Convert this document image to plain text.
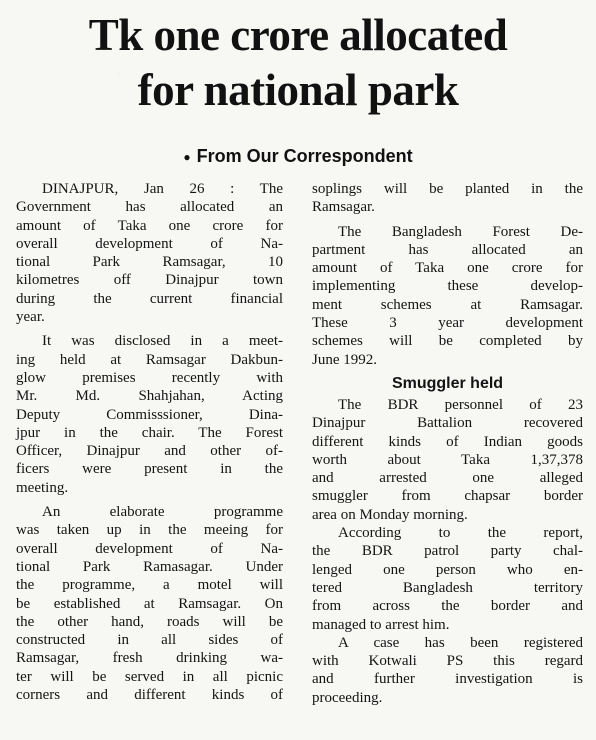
Tk one crore allocated
for national park
● From Our Correspondent
DINAJPUR, Jan 26 : The
Government has allocated an
amount of Taka one crore for
overall development of Na-
tional Park Ramsagar, 10
kilometres off Dinajpur town
during the current financial
year.
It was disclosed in a meet-
ing held at Ramsagar Dakbun-
glow premises recently with
Mr. Md. Shahjahan, Acting
Deputy Commisssioner, Dina-
jpur in the chair. The Forest
Officer, Dinajpur and other of-
ficers were present in the
meeting.
An elaborate programme
was taken up in the meeing for
overall development of Na-
tional Park Ramasagar. Under
the programme, a motel will
be established at Ramsagar. On
the other hand, roads will be
constructed in all sides of
Ramsagar, fresh drinking wa-
ter will be served in all picnic
corners and different kinds of
soplings will be planted in the
Ramsagar.
The Bangladesh Forest De-
partment has allocated an
amount of Taka one crore for
implementing these develop-
ment schemes at Ramsagar.
These 3 year development
schemes will be completed by
June 1992.
Smuggler held
The BDR personnel of 23
Dinajpur Battalion recovered
different kinds of Indian goods
worth about Taka 1,37,378
and arrested one alleged
smuggler from chapsar border
area on Monday morning.
According to the report,
the BDR patrol party chal-
lenged one person who en-
tered Bangladesh territory
from across the border and
managed to arrest him.
A case has been registered
with Kotwali PS this regard
and further investigation is
proceeding.
